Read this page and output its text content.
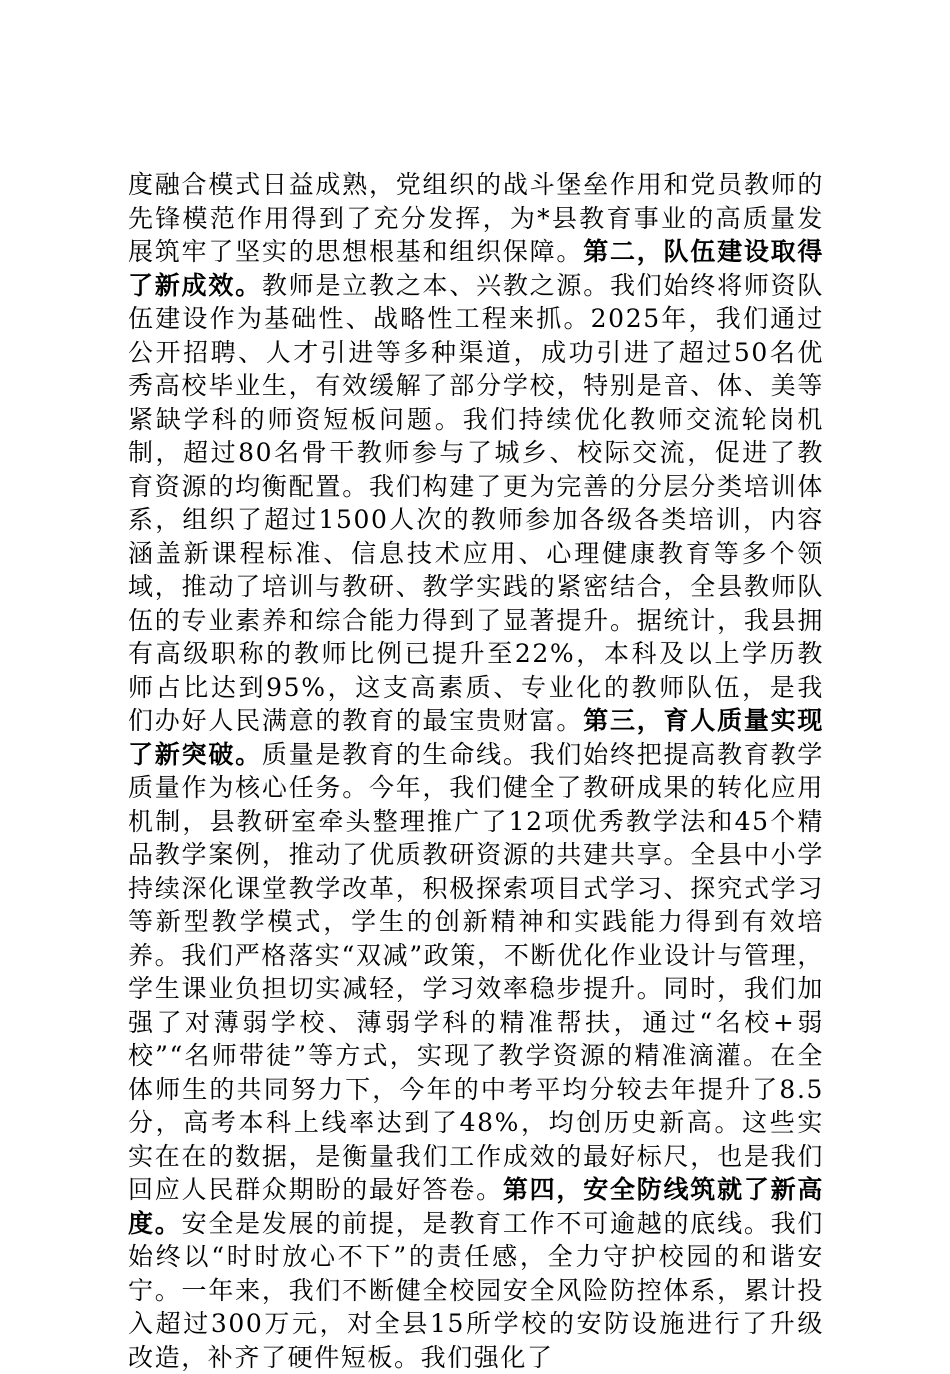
度融合模式日益成熟，党组织的战斗堡垒作用和党员教师的先锋模范作用得到了充分发挥，为*县教育事业的高质量发展筑牢了坚实的思想根基和组织保障。第二，队伍建设取得了新成效。教师是立教之本、兴教之源。我们始终将师资队伍建设作为基础性、战略性工程来抓。2025年，我们通过公开招聘、人才引进等多种渠道，成功引进了超过50名优秀高校毕业生，有效缓解了部分学校，特别是音、体、美等紧缺学科的师资短板问题。我们持续优化教师交流轮岗机制，超过80名骨干教师参与了城乡、校际交流，促进了教育资源的均衡配置。我们构建了更为完善的分层分类培训体系，组织了超过1500人次的教师参加各级各类培训，内容涵盖新课程标准、信息技术应用、心理健康教育等多个领域，推动了培训与教研、教学实践的紧密结合，全县教师队伍的专业素养和综合能力得到了显著提升。据统计，我县拥有高级职称的教师比例已提升至22%，本科及以上学历教师占比达到95%，这支高素质、专业化的教师队伍，是我们办好人民满意的教育的最宝贵财富。第三，育人质量实现了新突破。质量是教育的生命线。我们始终把提高教育教学质量作为核心任务。今年，我们健全了教研成果的转化应用机制，县教研室牵头整理推广了12项优秀教学法和45个精品教学案例，推动了优质教研资源的共建共享。全县中小学持续深化课堂教学改革，积极探索项目式学习、探究式学习等新型教学模式，学生的创新精神和实践能力得到有效培养。我们严格落实“双减”政策，不断优化作业设计与管理，学生课业负担切实减轻，学习效率稳步提升。同时，我们加强了对薄弱学校、薄弱学科的精准帮扶，通过“名校+弱校”“名师带徒”等方式，实现了教学资源的精准滴灌。在全体师生的共同努力下，今年的中考平均分较去年提升了8.5分，高考本科上线率达到了48%，均创历史新高。这些实实在在的数据，是衡量我们工作成效的最好标尺，也是我们回应人民群众期盼的最好答卷。第四，安全防线筑就了新高度。安全是发展的前提，是教育工作不可逾越的底线。我们始终以“时时放心不下”的责任感，全力守护校园的和谐安宁。一年来，我们不断健全校园安全风险防控体系，累计投入超过300万元，对全县15所学校的安防设施进行了升级改造，补齐了硬件短板。我们强化了
